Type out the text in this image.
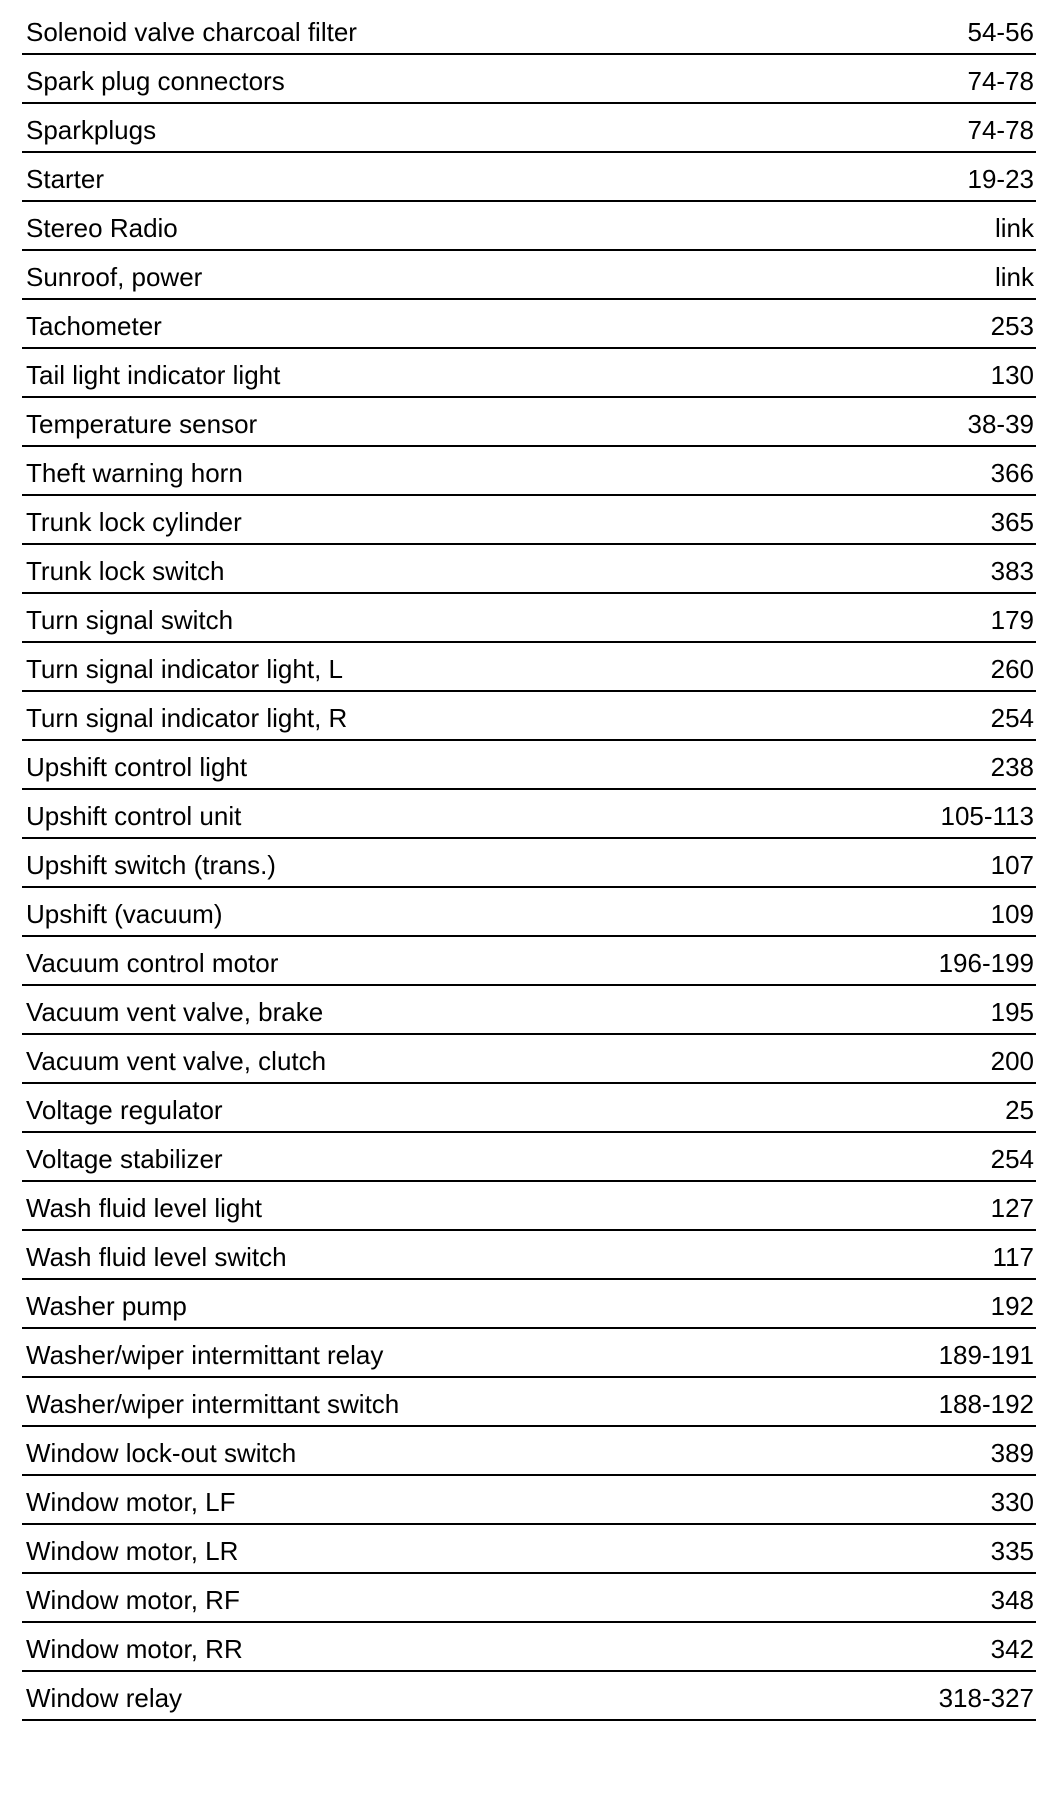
Solenoid valve charcoal filter	54-56
Spark plug connectors	74-78
Sparkplugs	74-78
Starter	19-23
Stereo Radio	link
Sunroof, power	link
Tachometer	253
Tail light indicator light	130
Temperature sensor	38-39
Theft warning horn	366
Trunk lock cylinder	365
Trunk lock switch	383
Turn signal switch	179
Turn signal indicator light, L	260
Turn signal indicator light, R	254
Upshift control light	238
Upshift control unit	105-113
Upshift switch (trans.)	107
Upshift (vacuum)	109
Vacuum control motor	196-199
Vacuum vent valve, brake	195
Vacuum vent valve, clutch	200
Voltage regulator	25
Voltage stabilizer	254
Wash fluid level light	127
Wash fluid level switch	117
Washer pump	192
Washer/wiper intermittant relay	189-191
Washer/wiper intermittant switch	188-192
Window lock-out switch	389
Window motor, LF	330
Window motor, LR	335
Window motor, RF	348
Window motor, RR	342
Window relay	318-327
